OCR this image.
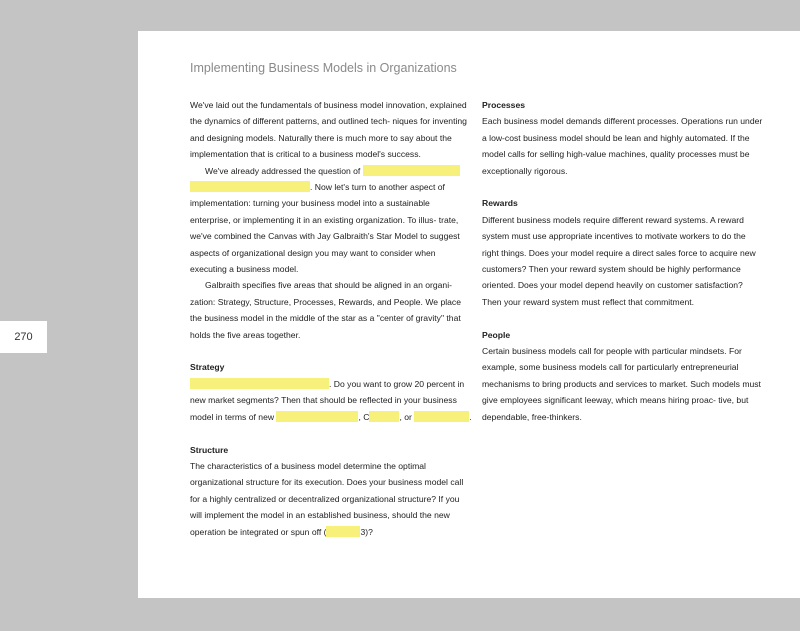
270
Implementing Business Models in Organizations

We've laid out the fundamentals of business model innovation, explained the dynamics of different patterns, and outlined tech- niques for inventing and designing models. Naturally there is much more to say about the implementation that is critical to a business model's success.

We've already addressed the question of  . Now let's turn to another aspect of implementation: turning your business model into a sustainable enterprise, or implementing it in an existing organization. To illus- trate, we've combined the Canvas with Jay Galbraith's Star Model to suggest aspects of organizational design you may want to consider when executing a business model.

Galbraith specifies five areas that should be aligned in an organi- zation: Strategy, Structure, Processes, Rewards, and People. We place the business model in the middle of the star as a "center of gravity" that holds the five areas together.

Strategy

. Do you want to grow 20 percent in new market segments? Then that should be reflected in your business model in terms of new	, C	, or	.

Structure

The characteristics of a business model determine the optimal organizational structure for its execution. Does your business model call for a highly centralized or decentralized organizational structure? If you will implement the model in an established business, should the new operation be integrated or spun off (	3)?

Processes

Each business model demands different processes. Operations run under a low-cost business model should be lean and highly automated. If the model calls for selling high-value machines, quality processes must be exceptionally rigorous.

Rewards

Different business models require different reward systems. A reward system must use appropriate incentives to motivate workers to do the right things. Does your model require a direct sales force to acquire new customers? Then your reward system should be highly performance oriented. Does your model depend heavily on customer satisfaction? Then your reward system must reflect that commitment.

People

Certain business models call for people with particular mindsets. For example, some business models call for particularly entrepreneurial mechanisms to bring products and services to market. Such models must give employees significant leeway, which means hiring proac- tive, but dependable, free-thinkers.
